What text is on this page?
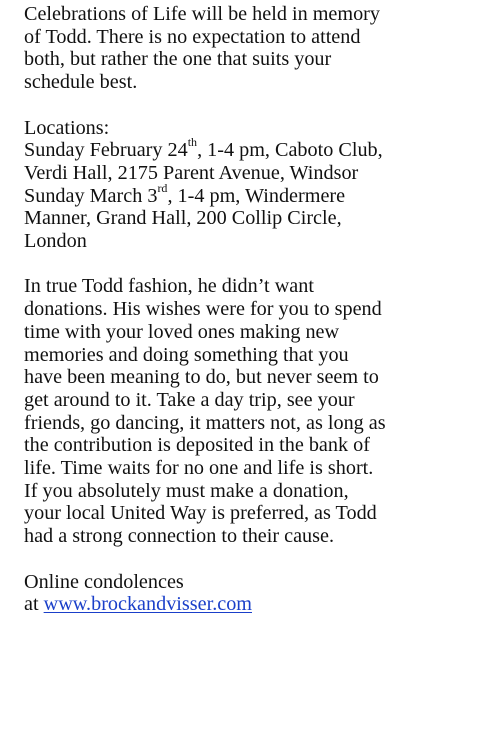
Celebrations of Life will be held in memory
of Todd. There is no expectation to attend
both, but rather the one that suits your
schedule best.
Locations:
Sunday February 24th, 1-4 pm, Caboto Club,
Verdi Hall, 2175 Parent Avenue, Windsor
Sunday March 3rd, 1-4 pm, Windermere
Manner, Grand Hall, 200 Collip Circle,
London
In true Todd fashion, he didn’t want
donations. His wishes were for you to spend
time with your loved ones making new
memories and doing something that you
have been meaning to do, but never seem to
get around to it. Take a day trip, see your
friends, go dancing, it matters not, as long as
the contribution is deposited in the bank of
life. Time waits for no one and life is short.
If you absolutely must make a donation,
your local United Way is preferred, as Todd
had a strong connection to their cause.
Online condolences
at www.brockandvisser.com
